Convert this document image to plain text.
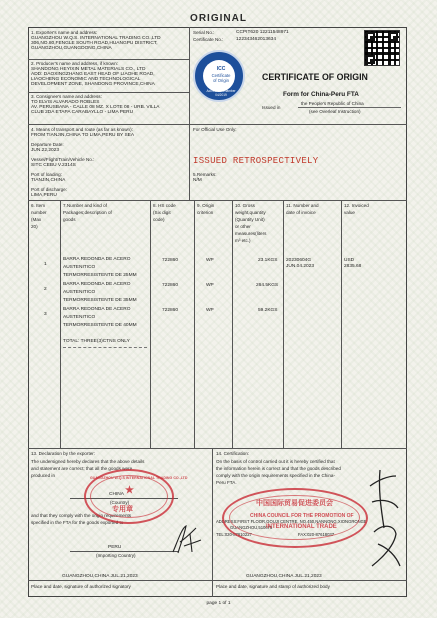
ORIGINAL
Serial No.:	CCPIT620 12211548971
Certificate No.:	122343462013634
1. Exporter's name and address:
GUANGZHOU W.Q.S. INTERNATIONAL TRADING CO.,LTD
306,NO.80,FENGLE SOUTH ROAD,HUANGPU DISTRICT,
GUANGZHOU,GUANGDONG,CHINA
2. Producer's name and address, if known:
SHANDONG HEYIXIN METAL MATERIALS CO., LTD
ADD: DAOXINGZHANG EAST HEAD OF LIAOHE ROAD,
LIAOCHENG ECONOMIC AND TECHNOLOGICAL
DEVELOPMENT ZONE, SHANDONG PROVINCE,CHINA
3. Consignee's name and address:
TO ELVIS ALVARADO ROBLES
AV. PERUSBANA - CALLE 08 MZ. X LOTE 08 - URB. VILLA
CLUB 2DA ETAPA CARABAYLLO - LIMA PERU
4. Means of transport and route (as far as known):
FROM TIANJIN,CHINA TO LIMA,PERU BY SEA
Departure Date:
JUN.22,2023
Vessel/Flight/Train/Vehicle No.:
SITC CEBU V.2314S
Port of loading:
TIANJIN,CHINA
Port of discharge:
LIMA,PERU
ICC
Certificate
of Origin
Accredited Chamber
04/2019
CERTIFICATE OF ORIGIN
Form for China-Peru FTA
Issued in
the People's Republic of China
(see Overleaf Instruction)
For Official Use Only:
ISSUED RETROSPECTIVELY
5.Remarks:
N/M
6. Item
number
(Max
20)
7.Number and kind of
Packages;description of
goods
8. HS code
(Six digit
code)
9. Origin
criterion
10. Gross
weight,quantity
(Quantity Unit)
or other
measures(liters
m³ etc.)
11. Number and
date of invoice
12. Invoiced
value
1
BARRA REDONDA DE ACERO
AUSTENITICO
TERMORRESISTENTE DE 25MM
722860	WP	23.1KGS
2
BARRA REDONDA DE ACERO
AUSTENITICO
TERMORRESISTENTE DE 35MM
722860	WP	264.5KGS
3
BARRA REDONDA DE ACERO
AUSTENITICO
TERMORRESISTENTE DE 40MM
722860	WP	59.2KGS
TOTAL: THREE(3)CTNS ONLY
20230604G
JUN.04.2023
USD
2835.68
13. Declaration by the exporter:
The undersigned hereby declares that the above details
and statement are correct; that all the goods were
produced in
CHINA
(Country)
and that they comply with the origin requirements
specified in the FTA for the goods exported to
PERU
(Importing Country)
GUANGZHOU,CHINA JUL.21,2023
Place and date, signature of authorized signatory
14. Certification:
On the basis of control carried out it is hereby certified that
the information herein is correct and that the goods described
comply with the origin requirements specified in the China-
Peru FTA.
ADDRESS:FIRST FLOOR,GOUJI CENTRE, NO.450,NANNONG,XIONGRONGE
GUANGZHOU,510075
TEL:020-87610227	FAX:020-87618037
GUANGZHOU,CHINA JUL.21,2023
Place and date, signature and stamp of authorized body
GUANGZHOU W.Q.S INTERNATIONAL TRADING CO.,LTD
★
专用章
中国国际贸易促进委员会
CHINA COUNCIL FOR THE PROMOTION OF
INTERNATIONAL TRADE
page 1 of 1
